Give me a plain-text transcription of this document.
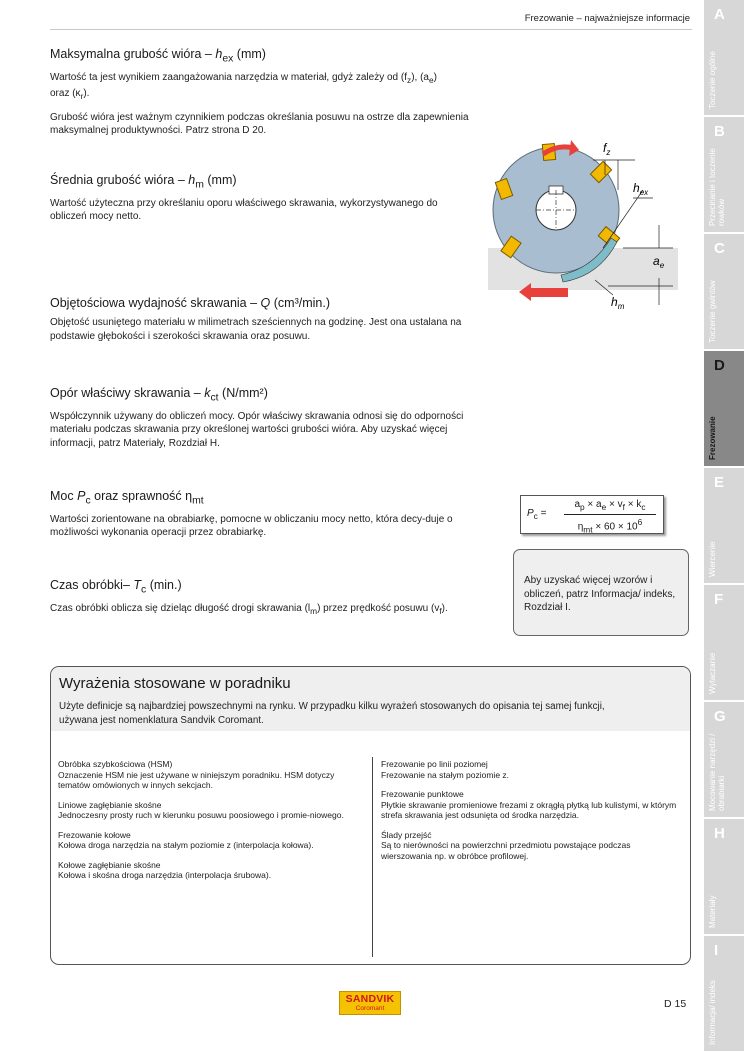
Frezowanie – najważniejsze informacje
Maksymalna grubość wióra – $h_{ex}$ (mm)

Wartość ta jest wynikiem zaangażowania narzędzia w materiał, gdyż zależy od $(f_z)$, $(a_e)$
oraz $(\kappa_r)$.

Grubość wióra jest ważnym czynnikiem podczas określania posuwu na ostrze dla zapewnienia maksymalnej produktywności. Patrz strona D 20.

Średnia grubość wióra – $h_m$ (mm)

Wartość użyteczna przy określaniu oporu właściwego skrawania, wykorzystywanego do obliczeń mocy netto.

Objętościowa wydajność skrawania – Q (cm³/min.)

Objętość usuniętego materiału w milimetrach sześciennych na godzinę. Jest ona ustalana na podstawie głębokości i szerokości skrawania oraz posuwu.

Opór właściwy skrawania – $k_{ct}$ (N/mm²)

Współczynnik używany do obliczeń mocy. Opór właściwy skrawania odnosi się do odporności materiału podczas skrawania przy określonej wartości grubości wióra. Aby uzyskać więcej informacji, patrz Materiały, Rozdział H.

Moc $P_c$ oraz sprawność $\eta_{mt}$

Wartości zorientowane na obrabiarkę, pomocne w obliczaniu mocy netto, która decy-duje o możliwości wykonania operacji przez obrabiarkę.

Czas obróbki– $T_c$ (min.)

Czas obróbki oblicza się dzieląc długość drogi skrawania $(l_m)$ przez prędkość posuwu $(v_f)$.

$f_z$
$h_{ex}$
$a_e$
$h_m$
$P_c$ =
$a_p \times a_e \times v_f \times k_c$
$\eta_{mt} \times 60 \times 10^6$
Aby uzyskać więcej wzorów i obliczeń, patrz Informacja/ indeks, Rozdział I.
Wyrażenia stosowane w poradniku
Użyte definicje są najbardziej powszechnymi na rynku. W przypadku kilku wyrażeń stosowanych do opisania tej samej funkcji, używana jest nomenklatura Sandvik Coromant.
Obróbka szybkościowa (HSM)
Oznaczenie HSM nie jest używane w niniejszym poradniku. HSM dotyczy tematów omówionych w innych sekcjach.
Liniowe zagłębianie skośne
Jednoczesny prosty ruch w kierunku posuwu poosiowego i promie-niowego.
Frezowanie kołowe
Kołowa droga narzędzia na stałym poziomie z (interpolacja kołowa).
Kołowe zagłębianie skośne
Kołowa i skośna droga narzędzia (interpolacja śrubowa).
Frezowanie po linii poziomej
Frezowanie na stałym poziomie z.
Frezowanie punktowe
Płytkie skrawanie promieniowe frezami z okrągłą płytką lub kulistymi, w którym strefa skrawania jest odsunięta od środka narzędzia.
Ślady przejść
Są to nierówności na powierzchni przedmiotu powstające podczas wierszowania np. w obróbce profilowej.
SANDVIK
Coromant	D 15
A
Toczenie ogólne
B
Przecinanie i toczenie rowków
C
Toczenie gwintów
D
Frezowanie
E
Wiercenie
F
Wytaczanie
G
Mocowanie narzędzi / obrabiarki
H
Materiały
I
Informacja/ indeks
